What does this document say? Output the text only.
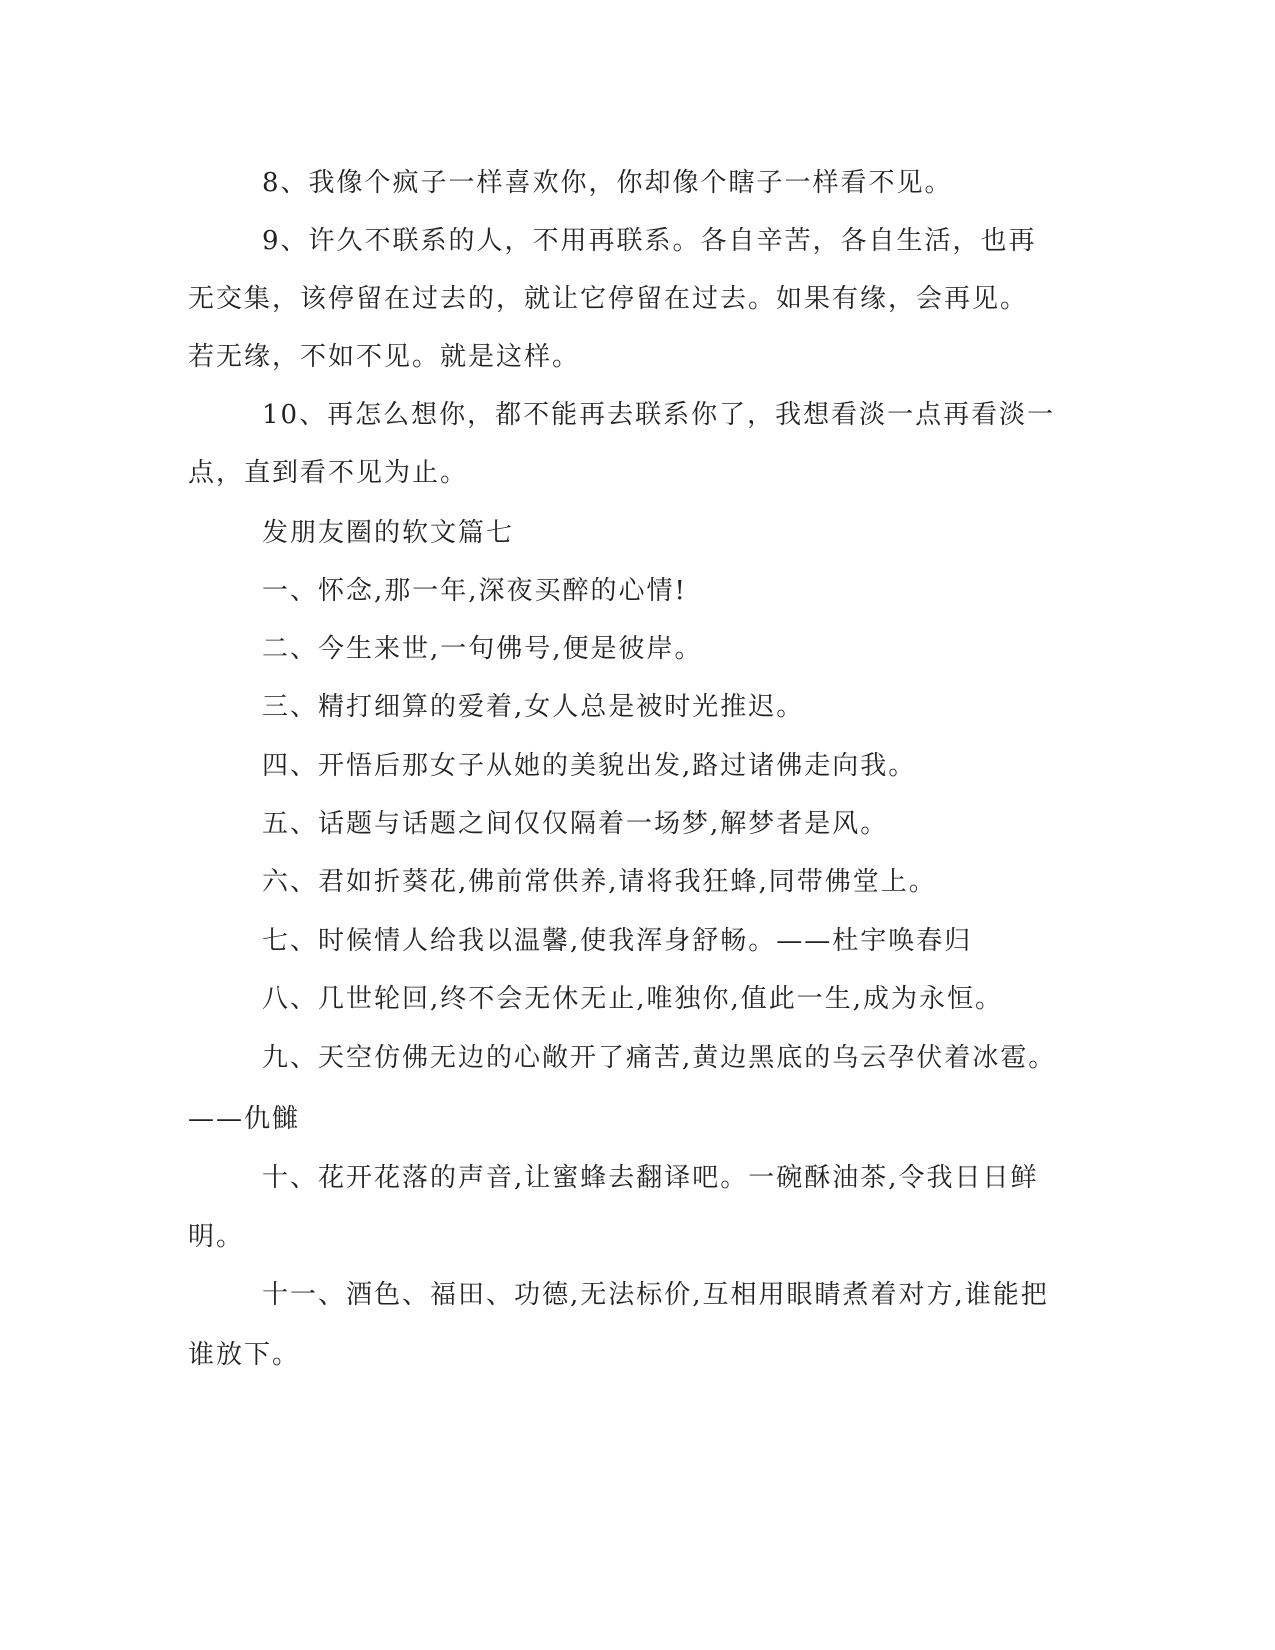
8、我像个疯子一样喜欢你，你却像个瞎子一样看不见。
9、许久不联系的人，不用再联系。各自辛苦，各自生活，也再
无交集，该停留在过去的，就让它停留在过去。如果有缘，会再见。
若无缘，不如不见。就是这样。
10、再怎么想你，都不能再去联系你了，我想看淡一点再看淡一
点，直到看不见为止。
发朋友圈的软文篇七
一、怀念,那一年,深夜买醉的心情!
二、今生来世,一句佛号,便是彼岸。
三、精打细算的爱着,女人总是被时光推迟。
四、开悟后那女子从她的美貌出发,路过诸佛走向我。
五、话题与话题之间仅仅隔着一场梦,解梦者是风。
六、君如折葵花,佛前常供养,请将我狂蜂,同带佛堂上。
七、时候情人给我以温馨,使我浑身舒畅。——杜宇唤春归
八、几世轮回,终不会无休无止,唯独你,值此一生,成为永恒。
九、天空仿佛无边的心敞开了痛苦,黄边黑底的乌云孕伏着冰雹。
——仇雠
十、花开花落的声音,让蜜蜂去翻译吧。一碗酥油茶,令我日日鲜
明。
十一、酒色、福田、功德,无法标价,互相用眼睛煮着对方,谁能把
谁放下。
